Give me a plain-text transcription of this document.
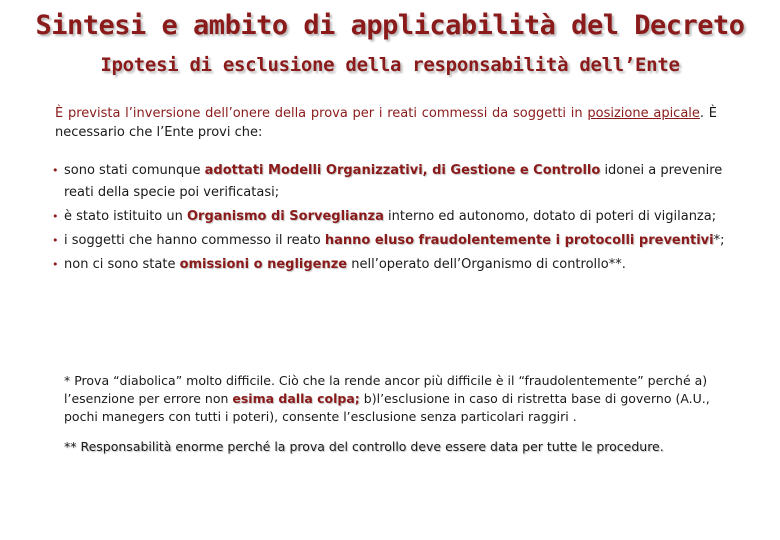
Sintesi e ambito di applicabilità del Decreto
Ipotesi di esclusione della responsabilità dell’Ente
È prevista l’inversione dell’onere della prova per i reati commessi da soggetti in posizione apicale. È necessario che l’Ente provi che:
• sono stati comunque adottati Modelli Organizzativi, di Gestione e Controllo idonei a prevenire reati della specie poi verificatasi;
• è stato istituito un Organismo di Sorveglianza interno ed autonomo, dotato di poteri di vigilanza;
• i soggetti che hanno commesso il reato hanno eluso fraudolentemente i protocolli preventivi*;
• non ci sono state omissioni o negligenze nell’operato dell’Organismo di controllo**.
* Prova “diabolica” molto difficile. Ciò che la rende ancor più difficile è il “fraudolentemente” perché a) l’esenzione per errore non esima dalla colpa; b)l’esclusione in caso di ristretta base di governo (A.U., pochi manegers con tutti i poteri), consente l’esclusione senza particolari raggiri .
** Responsabilità enorme perché la prova del controllo deve essere data per tutte le procedure.
